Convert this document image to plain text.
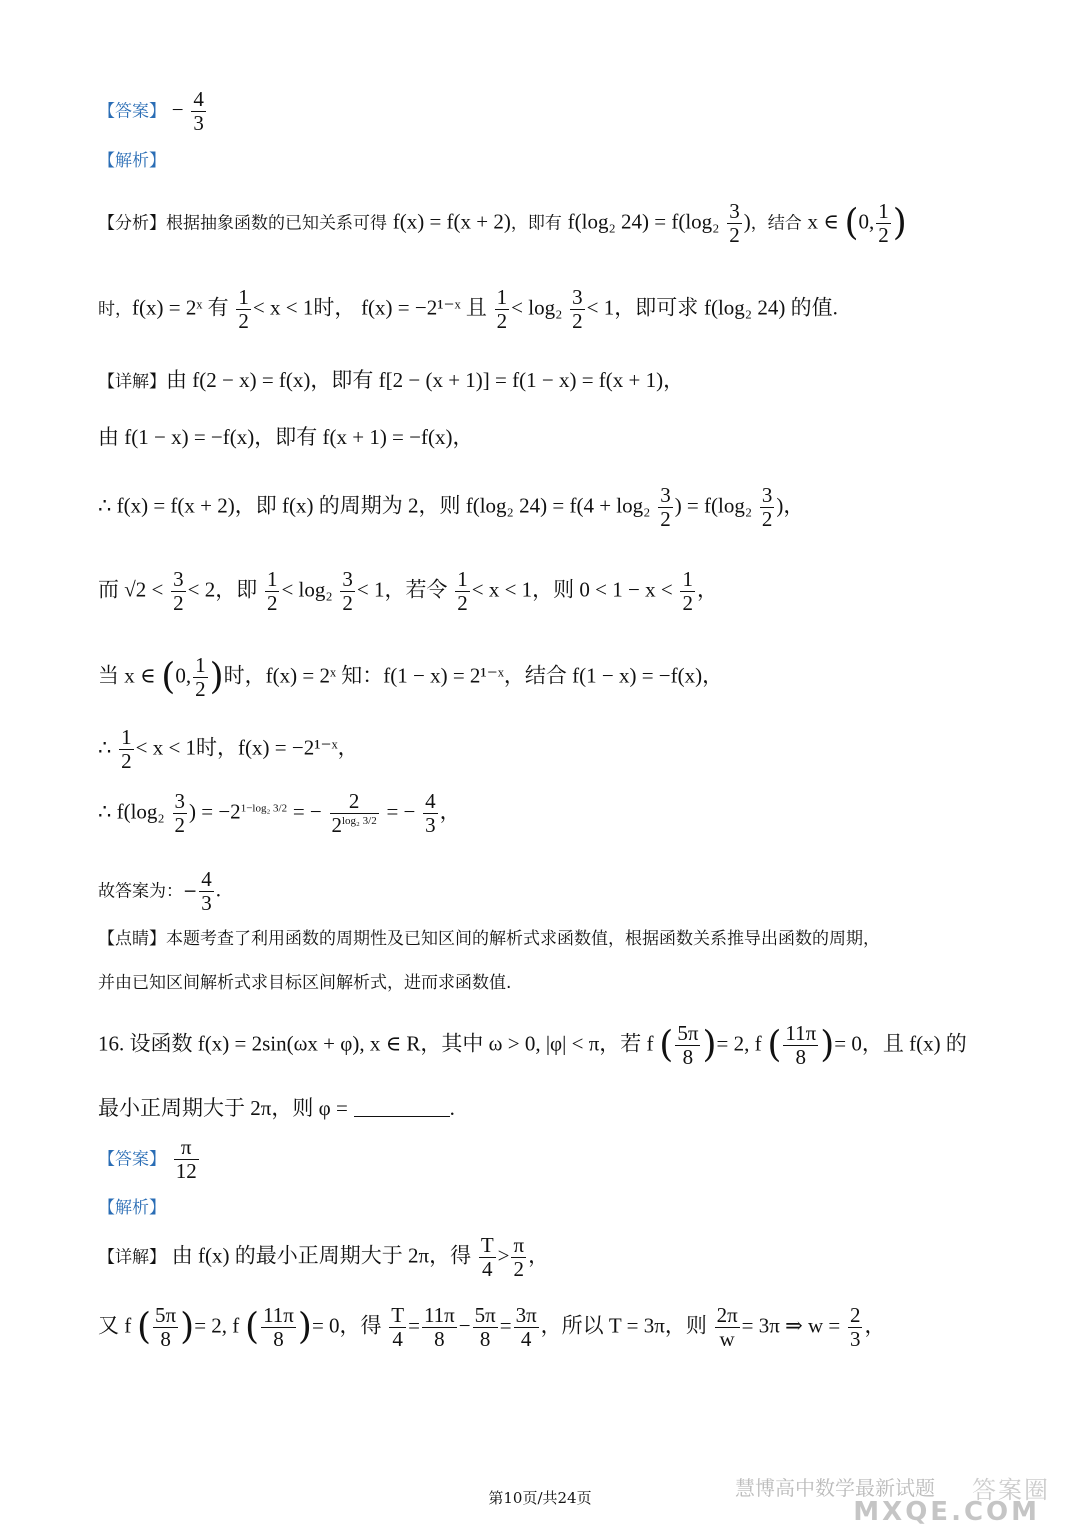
【答案】 − $\frac{4}{3}$
【解析】
【分析】根据抽象函数的已知关系可得 f(x) = f(x + 2)，即有 f(log₂ $24) = f(\log_2 \frac{3}{2}$ )，结合 x ∈ (0, $\frac{1}{2}$ )
时，f(x) = 2ˣ 有 $\frac{1}{2} < x < 1$时， f(x) = −2¹⁻ˣ 且 $\frac{1}{2} < \log_2 \frac{3}{2} < 1$，即可求 f(log₂ 24) 的值.
【详解】由 f(2 − x) = f(x)，即有 f[2 − (x + 1)] = f(1 − x) = f(x + 1)，
由 f(1 − x) = −f(x)，即有 f(x + 1) = −f(x)，
∴ f(x) = f(x + 2)，即 f(x) 的周期为 2，则 f(log₂ $24) = f(4 + \log_2 \frac{3}{2}$ ) = $f(\log_2 \frac{3}{2}$ )，
而 $√2 < \frac{3}{2} < 2$，即 $\frac{1}{2} < \log_2 \frac{3}{2} < 1$，若令 $\frac{1}{2} < x < 1$，则 $0 < 1 - x < \frac{1}{2}$ ，
当 x ∈ (0, $\frac{1}{2}$ )时，f(x) = 2ˣ 知：f(1 − x) = 2¹⁻ˣ，结合 f(1 − x) = −f(x)，
∴ $\frac{1}{2} < x < 1$时，f(x) = −2¹⁻ˣ，
∴ $f(\log_2 \frac{3}{2}$ ) = $-2^{1-log_2 3/2}$ = − $\frac{2}{2^{log_2 3/2}}$ = − $\frac{4}{3}$ ，
故答案为：− $\frac{4}{3}$ .
【点睛】本题考查了利用函数的周期性及已知区间的解析式求函数值，根据函数关系推导出函数的周期，
并由已知区间解析式求目标区间解析式，进而求函数值.
16. 设函数 f(x) = 2sin(ωx + φ), x ∈ R，其中 ω > 0, |φ| < π，若 f ( $\frac{5\pi}{8}$ )= 2, f ( $\frac{11\pi}{8}$ )= 0，且 f(x) 的
最小正周期大于 2π，则 φ =	.
【答案】 $\frac{\pi}{12}$
【解析】
【详解】 由 f(x) 的最小正周期大于 2π，得 $\frac{T}{4} > \frac{\pi}{2}$ ，
又 f ( $\frac{5\pi}{8}$ )= 2, f ( $\frac{11\pi}{8}$ )= 0，得 $\frac{T}{4} = \frac{11\pi}{8} - \frac{5\pi}{8} = \frac{3\pi}{4}$ ，所以 T = 3π，则 $\frac{2\pi}{w} = 3\pi$ ⇒ $w = \frac{2}{3}$ ，
答案圈
慧博高中数学最新试题
第10页/共24页	MXQE.COM
